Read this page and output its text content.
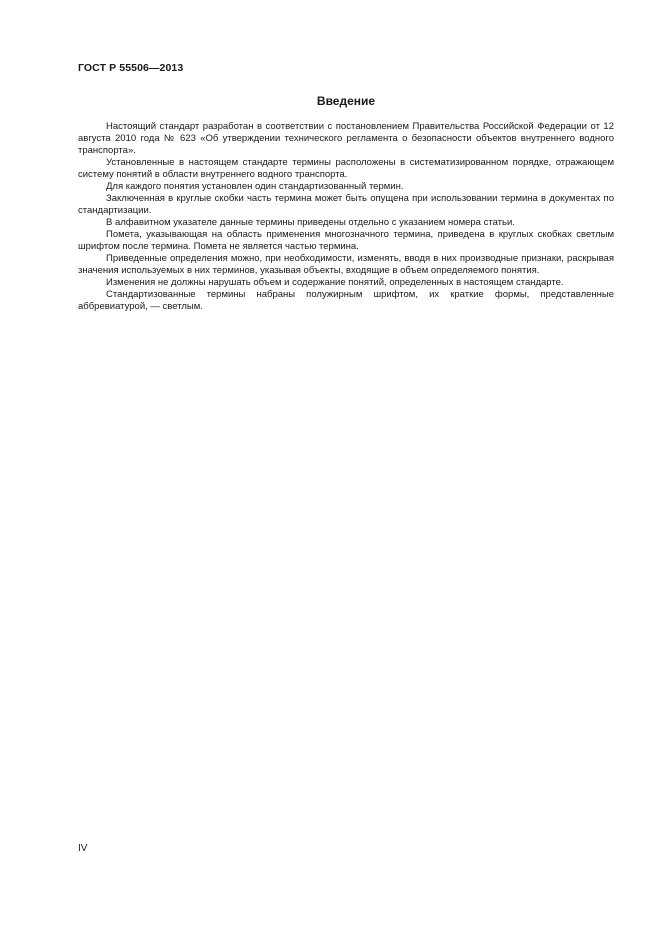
ГОСТ Р 55506—2013
Введение

Настоящий стандарт разработан в соответствии с постановлением Правительства Российской Федерации от 12 августа 2010 года № 623 «Об утверждении технического регламента о безопасности объектов внутреннего водного транспорта».

Установленные в настоящем стандарте термины расположены в систематизированном порядке, отражающем систему понятий в области внутреннего водного транспорта.

Для каждого понятия установлен один стандартизованный термин.

Заключенная в круглые скобки часть термина может быть опущена при использовании термина в документах по стандартизации.

В алфавитном указателе данные термины приведены отдельно с указанием номера статьи.

Помета, указывающая на область применения многозначного термина, приведена в круглых скобках светлым шрифтом после термина. Помета не является частью термина.

Приведенные определения можно, при необходимости, изменять, вводя в них производные признаки, раскрывая значения используемых в них терминов, указывая объекты, входящие в объем определяемого понятия.

Изменения не должны нарушать объем и содержание понятий, определенных в настоящем стандарте.

Стандартизованные термины набраны полужирным шрифтом, их краткие формы, представленные аббревиатурой, — светлым.

IV
